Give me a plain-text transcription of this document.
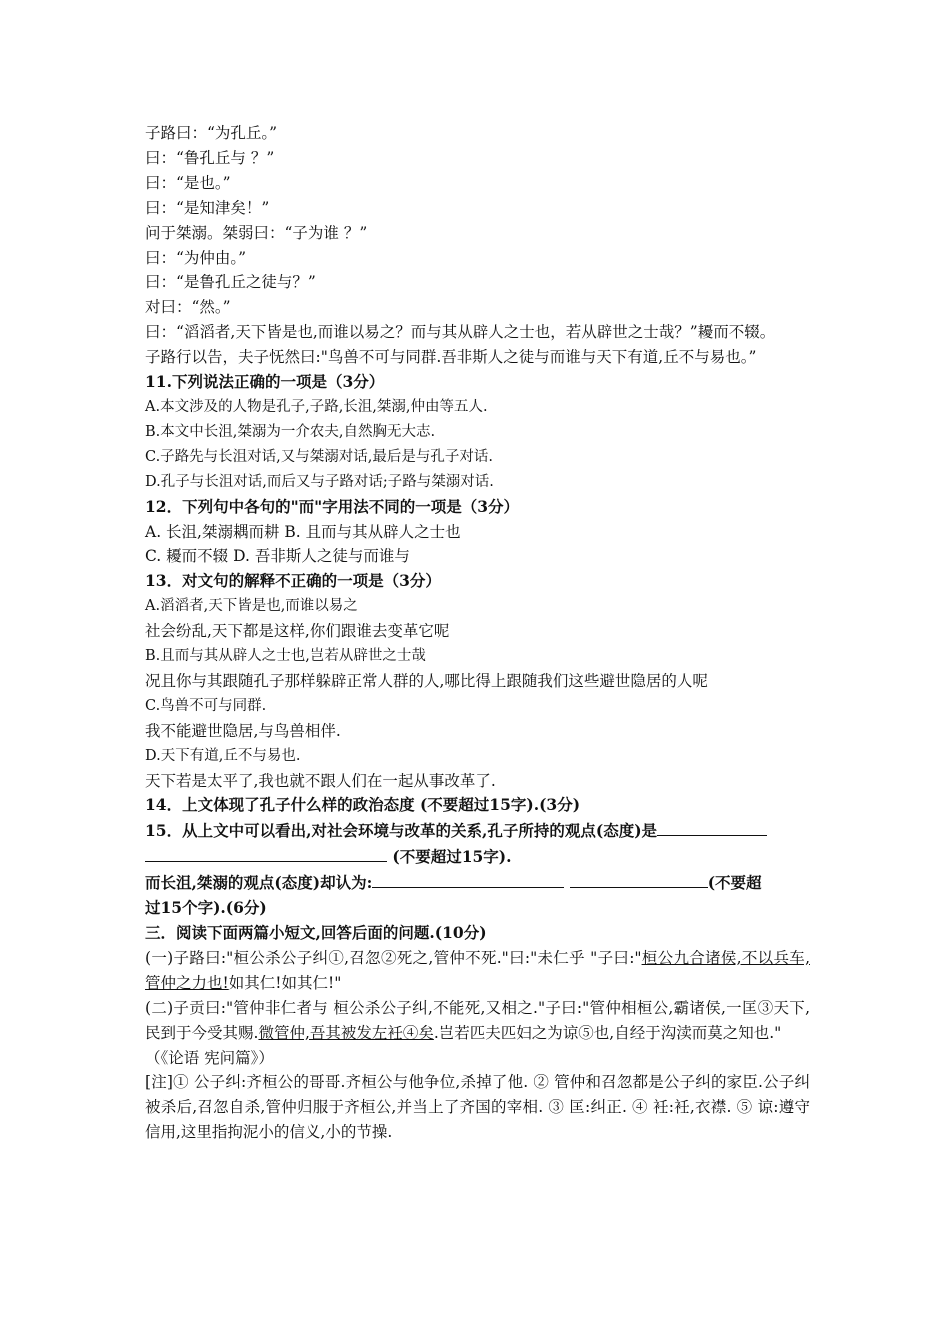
子路曰：“为孔丘。”
曰：“鲁孔丘与 ？”
曰：“是也。”
曰：“是知津矣！”
问于桀溺。桀弱曰：“子为谁 ？”
曰：“为仲由。”
曰：“是鲁孔丘之徒与？”
对曰：“然。”
曰：“滔滔者,天下皆是也,而谁以易之？而与其从辟人之士也，若从辟世之士哉？”耰而不辍。
子路行以告，夫子怃然曰:"鸟兽不可与同群.吾非斯人之徒与而谁与天下有道,丘不与易也。”
11.下列说法正确的一项是（3分）
A.本文涉及的人物是孔子,子路,长沮,桀溺,仲由等五人.
B.本文中长沮,桀溺为一介农夫,自然胸无大志.
C.子路先与长沮对话,又与桀溺对话,最后是与孔子对话.
D.孔子与长沮对话,而后又与子路对话;子路与桀溺对话.
12．下列句中各句的"而"字用法不同的一项是（3分）
A. 长沮,桀溺耦而耕 B. 且而与其从辟人之士也
C. 耰而不辍 D. 吾非斯人之徒与而谁与
13．对文句的解释不正确的一项是（3分）
A.滔滔者,天下皆是也,而谁以易之
社会纷乱,天下都是这样,你们跟谁去变革它呢
B.且而与其从辟人之士也,岂若从辟世之士哉
况且你与其跟随孔子那样躲辟正常人群的人,哪比得上跟随我们这些避世隐居的人呢
C.鸟兽不可与同群.
我不能避世隐居,与鸟兽相伴.
D.天下有道,丘不与易也.
天下若是太平了,我也就不跟人们在一起从事改革了.
14．上文体现了孔子什么样的政治态度 (不要超过15字).(3分)
15．从上文中可以看出,对社会环境与改革的关系,孔子所持的观点(态度)是
(不要超过15字).
而长沮,桀溺的观点(态度)却认为:	(不要超
过15个字).(6分)
三．阅读下面两篇小短文,回答后面的问题.(10分)
(一)子路曰:"桓公杀公子纠①,召忽②死之,管仲不死."曰:"未仁乎 "子曰:"桓公九合诸侯,不以兵车,管仲之力也!如其仁!如其仁!"
(二)子贡曰:"管仲非仁者与 桓公杀公子纠,不能死,又相之."子曰:"管仲相桓公,霸诸侯,一匡③天下,民到于今受其赐.微管仲,吾其被发左衽④矣.岂若匹夫匹妇之为谅⑤也,自经于沟渎而莫之知也."
（《论语 宪问篇》）
[注]① 公子纠:齐桓公的哥哥.齐桓公与他争位,杀掉了他. ② 管仲和召忽都是公子纠的家臣.公子纠被杀后,召忽自杀,管仲归服于齐桓公,并当上了齐国的宰相. ③ 匡:纠正. ④ 衽:衽,衣襟. ⑤ 谅:遵守信用,这里指拘泥小的信义,小的节操.
